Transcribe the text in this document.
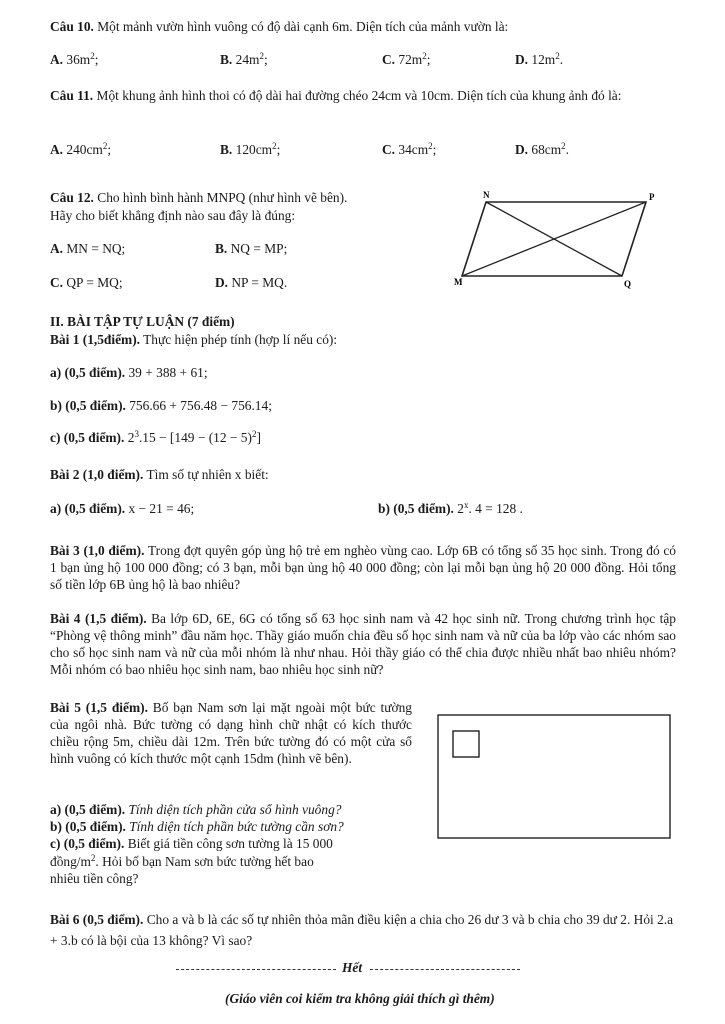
Câu 10. Một mảnh vườn hình vuông có độ dài cạnh 6m. Diện tích của mảnh vườn là:
A. $36m^2$;	B. $24m^2$;	C. $72m^2$;	D. $12m^2$.
Câu 11. Một khung ảnh hình thoi có độ dài hai đường chéo 24cm và 10cm. Diện tích của khung ảnh đó là:
A. $240cm^2$;	B. $120cm^2$;	C. $34cm^2$;	D. $68cm^2$.
Câu 12. Cho hình bình hành MNPQ (như hình vẽ bên).
Hãy cho biết khẳng định nào sau đây là đúng:
A. MN = NQ;	B. NQ = MP;
C. QP = MQ;	D. NP = MQ.
N	P
M	Q
II. BÀI TẬP TỰ LUẬN (7 điểm)
Bài 1 (1,5điểm). Thực hiện phép tính (hợp lí nếu có):
a) (0,5 điểm). 39 + 388 + 61;
b) (0,5 điểm). 756.66 + 756.48 − 756.14;
c) (0,5 điểm). $2^3.15 - [149 - (12 - 5)^2]$
Bài 2 (1,0 điểm). Tìm số tự nhiên x biết:
a) (0,5 điểm). x − 21 = 46;	b) (0,5 điểm). 2$^x$. 4 = 128 .
Bài 3 (1,0 điểm). Trong đợt quyên góp ủng hộ trẻ em nghèo vùng cao. Lớp 6B có tổng số 35 học sinh. Trong đó có 1 bạn ủng hộ 100 000 đồng; có 3 bạn, mỗi bạn ủng hộ 40 000 đồng; còn lại mỗi bạn ủng hộ 20 000 đồng. Hỏi tổng số tiền lớp 6B ủng hộ là bao nhiêu?
Bài 4 (1,5 điểm). Ba lớp 6D, 6E, 6G có tổng số 63 học sinh nam và 42 học sinh nữ. Trong chương trình học tập “Phòng vệ thông minh” đầu năm học. Thầy giáo muốn chia đều số học sinh nam và nữ của ba lớp vào các nhóm sao cho số học sinh nam và nữ của mỗi nhóm là như nhau. Hỏi thầy giáo có thể chia được nhiều nhất bao nhiêu nhóm? Mỗi nhóm có bao nhiêu học sinh nam, bao nhiêu học sinh nữ?
Bài 5 (1,5 điểm). Bố bạn Nam sơn lại mặt ngoài một bức tường của ngôi nhà. Bức tường có dạng hình chữ nhật có kích thước chiều rộng 5m, chiều dài 12m. Trên bức tường đó có một cửa sổ hình vuông có kích thước một cạnh 15dm (hình vẽ bên).
a) (0,5 điểm). Tính diện tích phần cửa sổ hình vuông?
b) (0,5 điểm). Tính diện tích phần bức tường cần sơn?
c) (0,5 điểm). Biết giá tiền công sơn tường là 15 000
đồng/$m^2$. Hỏi bố bạn Nam sơn bức tường hết bao
nhiêu tiền công?
Bài 6 (0,5 điểm). Cho a và b là các số tự nhiên thỏa mãn điều kiện a chia cho 26 dư 3 và b chia cho 39 dư 2. Hỏi 2.a + 3.b có là bội của 13 không? Vì sao?
Hết
(Giáo viên coi kiểm tra không giải thích gì thêm)
